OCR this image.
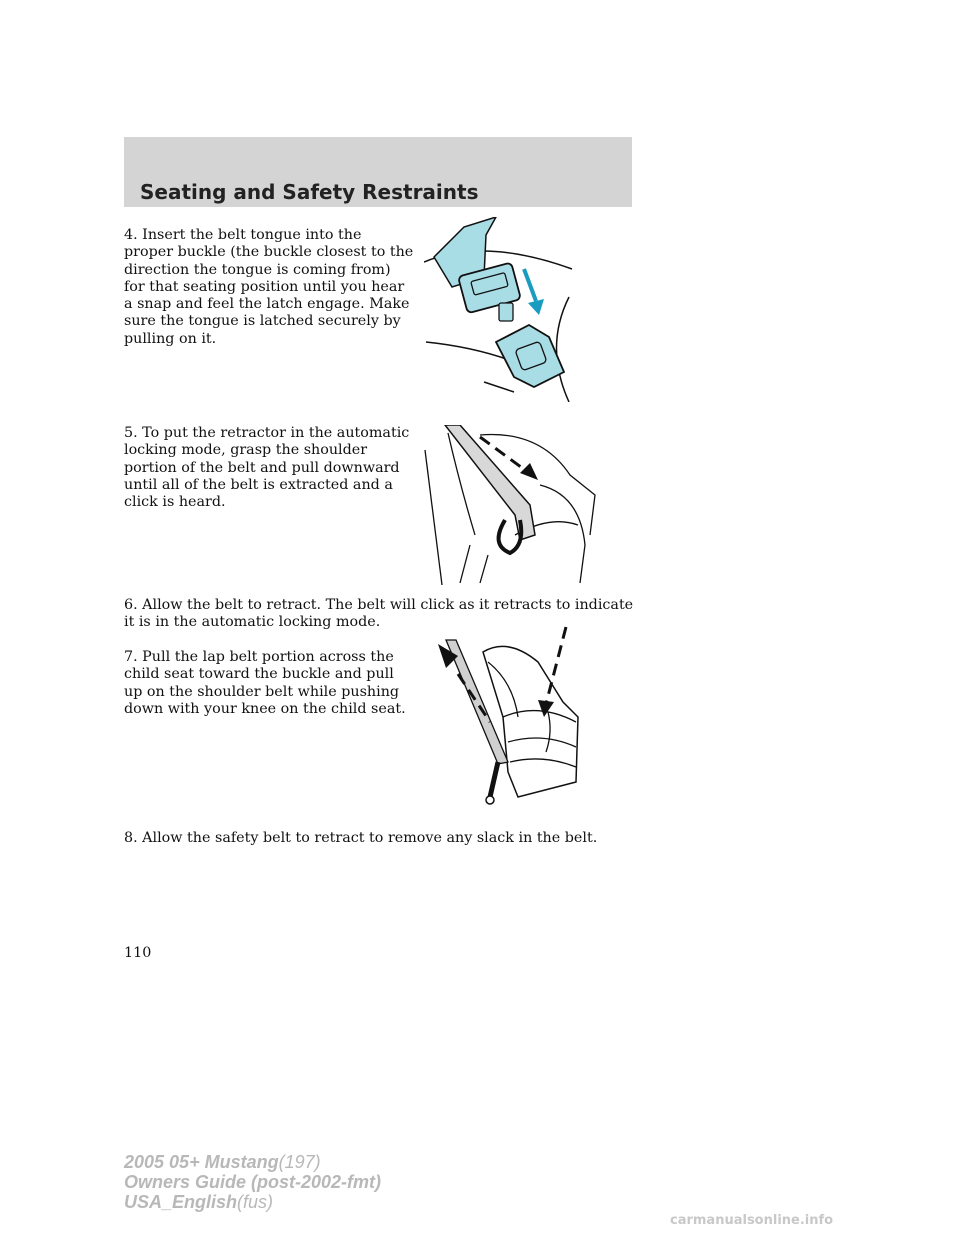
Seating and Safety Restraints

4. Insert the belt tongue into the proper buckle (the buckle closest to the direction the tongue is coming from) for that seating position until you hear a snap and feel the latch engage. Make sure the tongue is latched securely by pulling on it.

5. To put the retractor in the automatic locking mode, grasp the shoulder portion of the belt and pull downward until all of the belt is extracted and a click is heard.

6. Allow the belt to retract. The belt will click as it retracts to indicate it is in the automatic locking mode.

7. Pull the lap belt portion across the child seat toward the buckle and pull up on the shoulder belt while pushing down with your knee on the child seat.

8. Allow the safety belt to retract to remove any slack in the belt.

110

2005 05+ Mustang(197)
Owners Guide (post-2002-fmt)
USA_English(fus)

carmanualsonline.info
